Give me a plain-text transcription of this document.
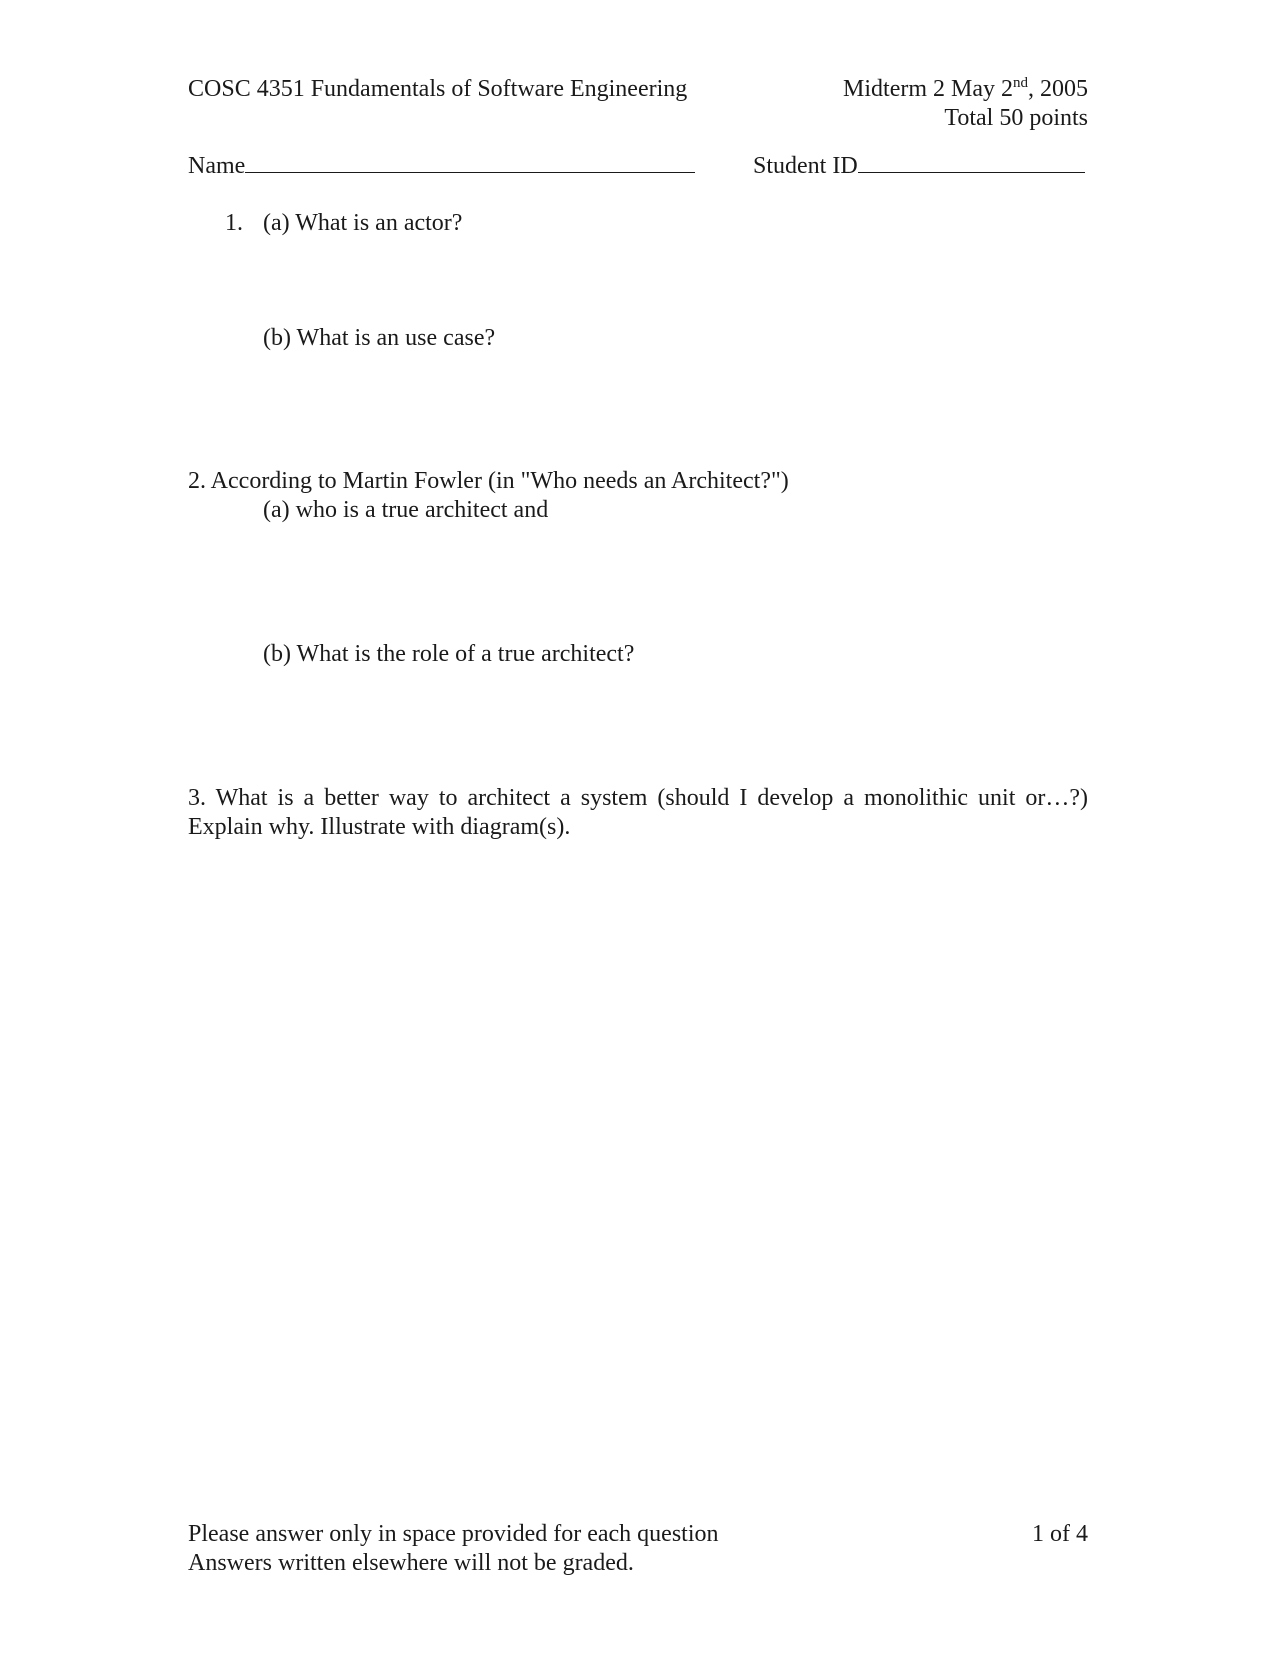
COSC 4351 Fundamentals of Software Engineering	Midterm 2 May 2nd, 2005
Total 50 points
Name	Student ID
1. (a) What is an actor?
(b) What is an use case?
2. According to Martin Fowler (in "Who needs an Architect?")
(a) who is a true architect and
(b) What is the role of a true architect?
3. What is a better way to architect a system (should I develop a monolithic unit or…?)
Explain why. Illustrate with diagram(s).
Please answer only in space provided for each question
Answers written elsewhere will not be graded.
1 of 4
